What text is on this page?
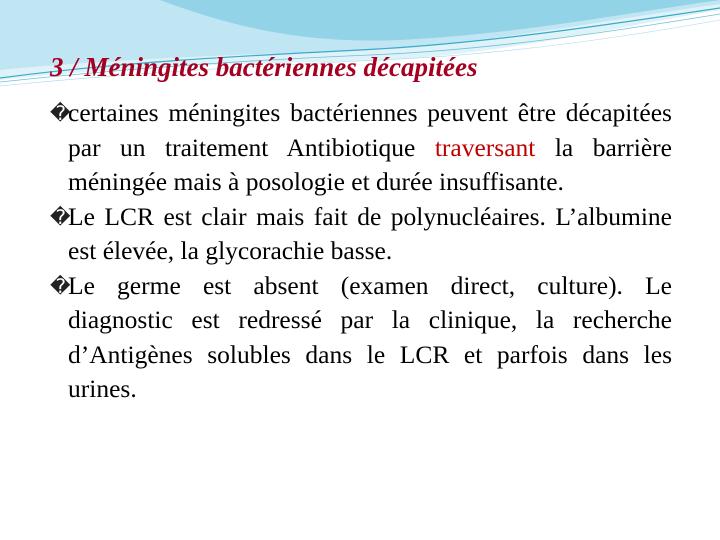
3 / Méningites bactériennes décapitées

�
certaines méningites bactériennes peuvent être décapitées par un traitement Antibiotique traversant la barrière méningée mais à posologie et durée insuffisante.

�
Le LCR est clair mais fait de polynucléaires. L’albumine est élevée, la glycorachie basse.

�
Le germe est absent (examen direct, culture). Le diagnostic est redressé par la clinique, la recherche d’Antigènes solubles dans le LCR et parfois dans les urines.
